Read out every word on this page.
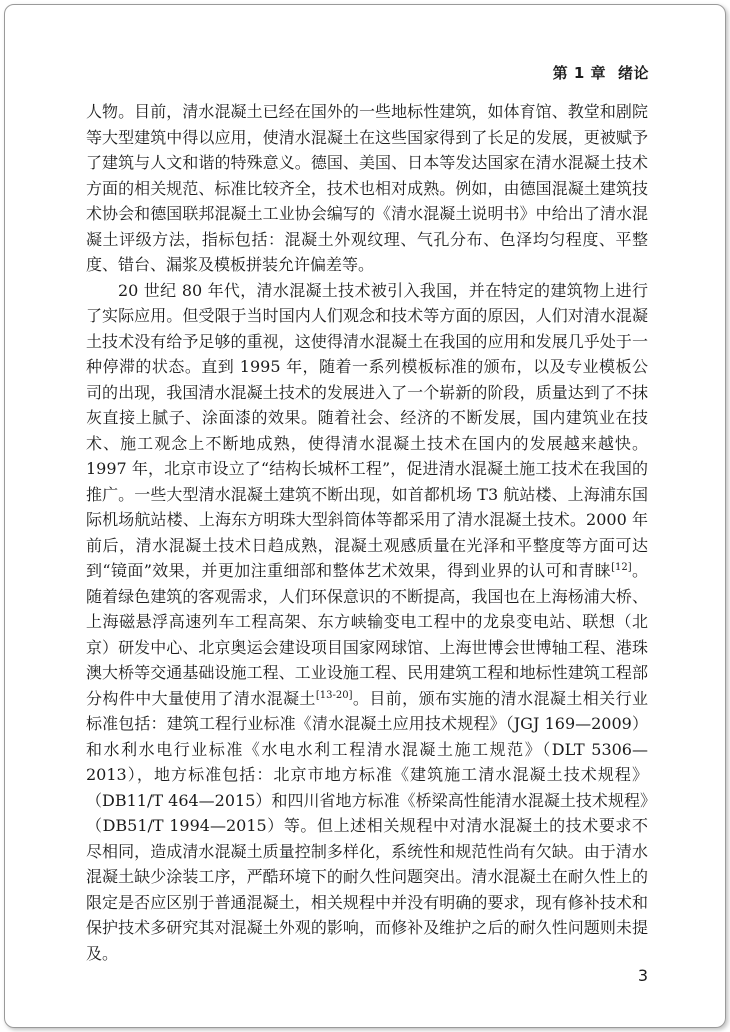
第 1 章 绪论

人物。目前，清水混凝土已经在国外的一些地标性建筑，如体育馆、教堂和剧院等大型建筑中得以应用，使清水混凝土在这些国家得到了长足的发展，更被赋予了建筑与人文和谐的特殊意义。德国、美国、日本等发达国家在清水混凝土技术方面的相关规范、标准比较齐全，技术也相对成熟。例如，由德国混凝土建筑技术协会和德国联邦混凝土工业协会编写的《清水混凝土说明书》中给出了清水混凝土评级方法，指标包括：混凝土外观纹理、气孔分布、色泽均匀程度、平整度、错台、漏浆及模板拼装允许偏差等。

20 世纪 80 年代，清水混凝土技术被引入我国，并在特定的建筑物上进行了实际应用。但受限于当时国内人们观念和技术等方面的原因，人们对清水混凝土技术没有给予足够的重视，这使得清水混凝土在我国的应用和发展几乎处于一种停滞的状态。直到 1995 年，随着一系列模板标准的颁布，以及专业模板公司的出现，我国清水混凝土技术的发展进入了一个崭新的阶段，质量达到了不抹灰直接上腻子、涂面漆的效果。随着社会、经济的不断发展，国内建筑业在技术、施工观念上不断地成熟，使得清水混凝土技术在国内的发展越来越快。1997 年，北京市设立了“结构长城杯工程”，促进清水混凝土施工技术在我国的推广。一些大型清水混凝土建筑不断出现，如首都机场 T3 航站楼、上海浦东国际机场航站楼、上海东方明珠大型斜筒体等都采用了清水混凝土技术。2000 年前后，清水混凝土技术日趋成熟，混凝土观感质量在光泽和平整度等方面可达到“镜面”效果，并更加注重细部和整体艺术效果，得到业界的认可和青睐[12]。随着绿色建筑的客观需求，人们环保意识的不断提高，我国也在上海杨浦大桥、上海磁悬浮高速列车工程高架、东方峡输变电工程中的龙泉变电站、联想（北京）研发中心、北京奥运会建设项目国家网球馆、上海世博会世博轴工程、港珠澳大桥等交通基础设施工程、工业设施工程、民用建筑工程和地标性建筑工程部分构件中大量使用了清水混凝土[13-20]。目前，颁布实施的清水混凝土相关行业标准包括：建筑工程行业标准《清水混凝土应用技术规程》（JGJ 169—2009）和水利水电行业标准《水电水利工程清水混凝土施工规范》（DLT 5306—2013），地方标准包括：北京市地方标准《建筑施工清水混凝土技术规程》（DB11/T 464—2015）和四川省地方标准《桥梁高性能清水混凝土技术规程》（DB51/T 1994—2015）等。但上述相关规程中对清水混凝土的技术要求不尽相同，造成清水混凝土质量控制多样化，系统性和规范性尚有欠缺。由于清水混凝土缺少涂装工序，严酷环境下的耐久性问题突出。清水混凝土在耐久性上的限定是否应区别于普通混凝土，相关规程中并没有明确的要求，现有修补技术和保护技术多研究其对混凝土外观的影响，而修补及维护之后的耐久性问题则未提及。

3
